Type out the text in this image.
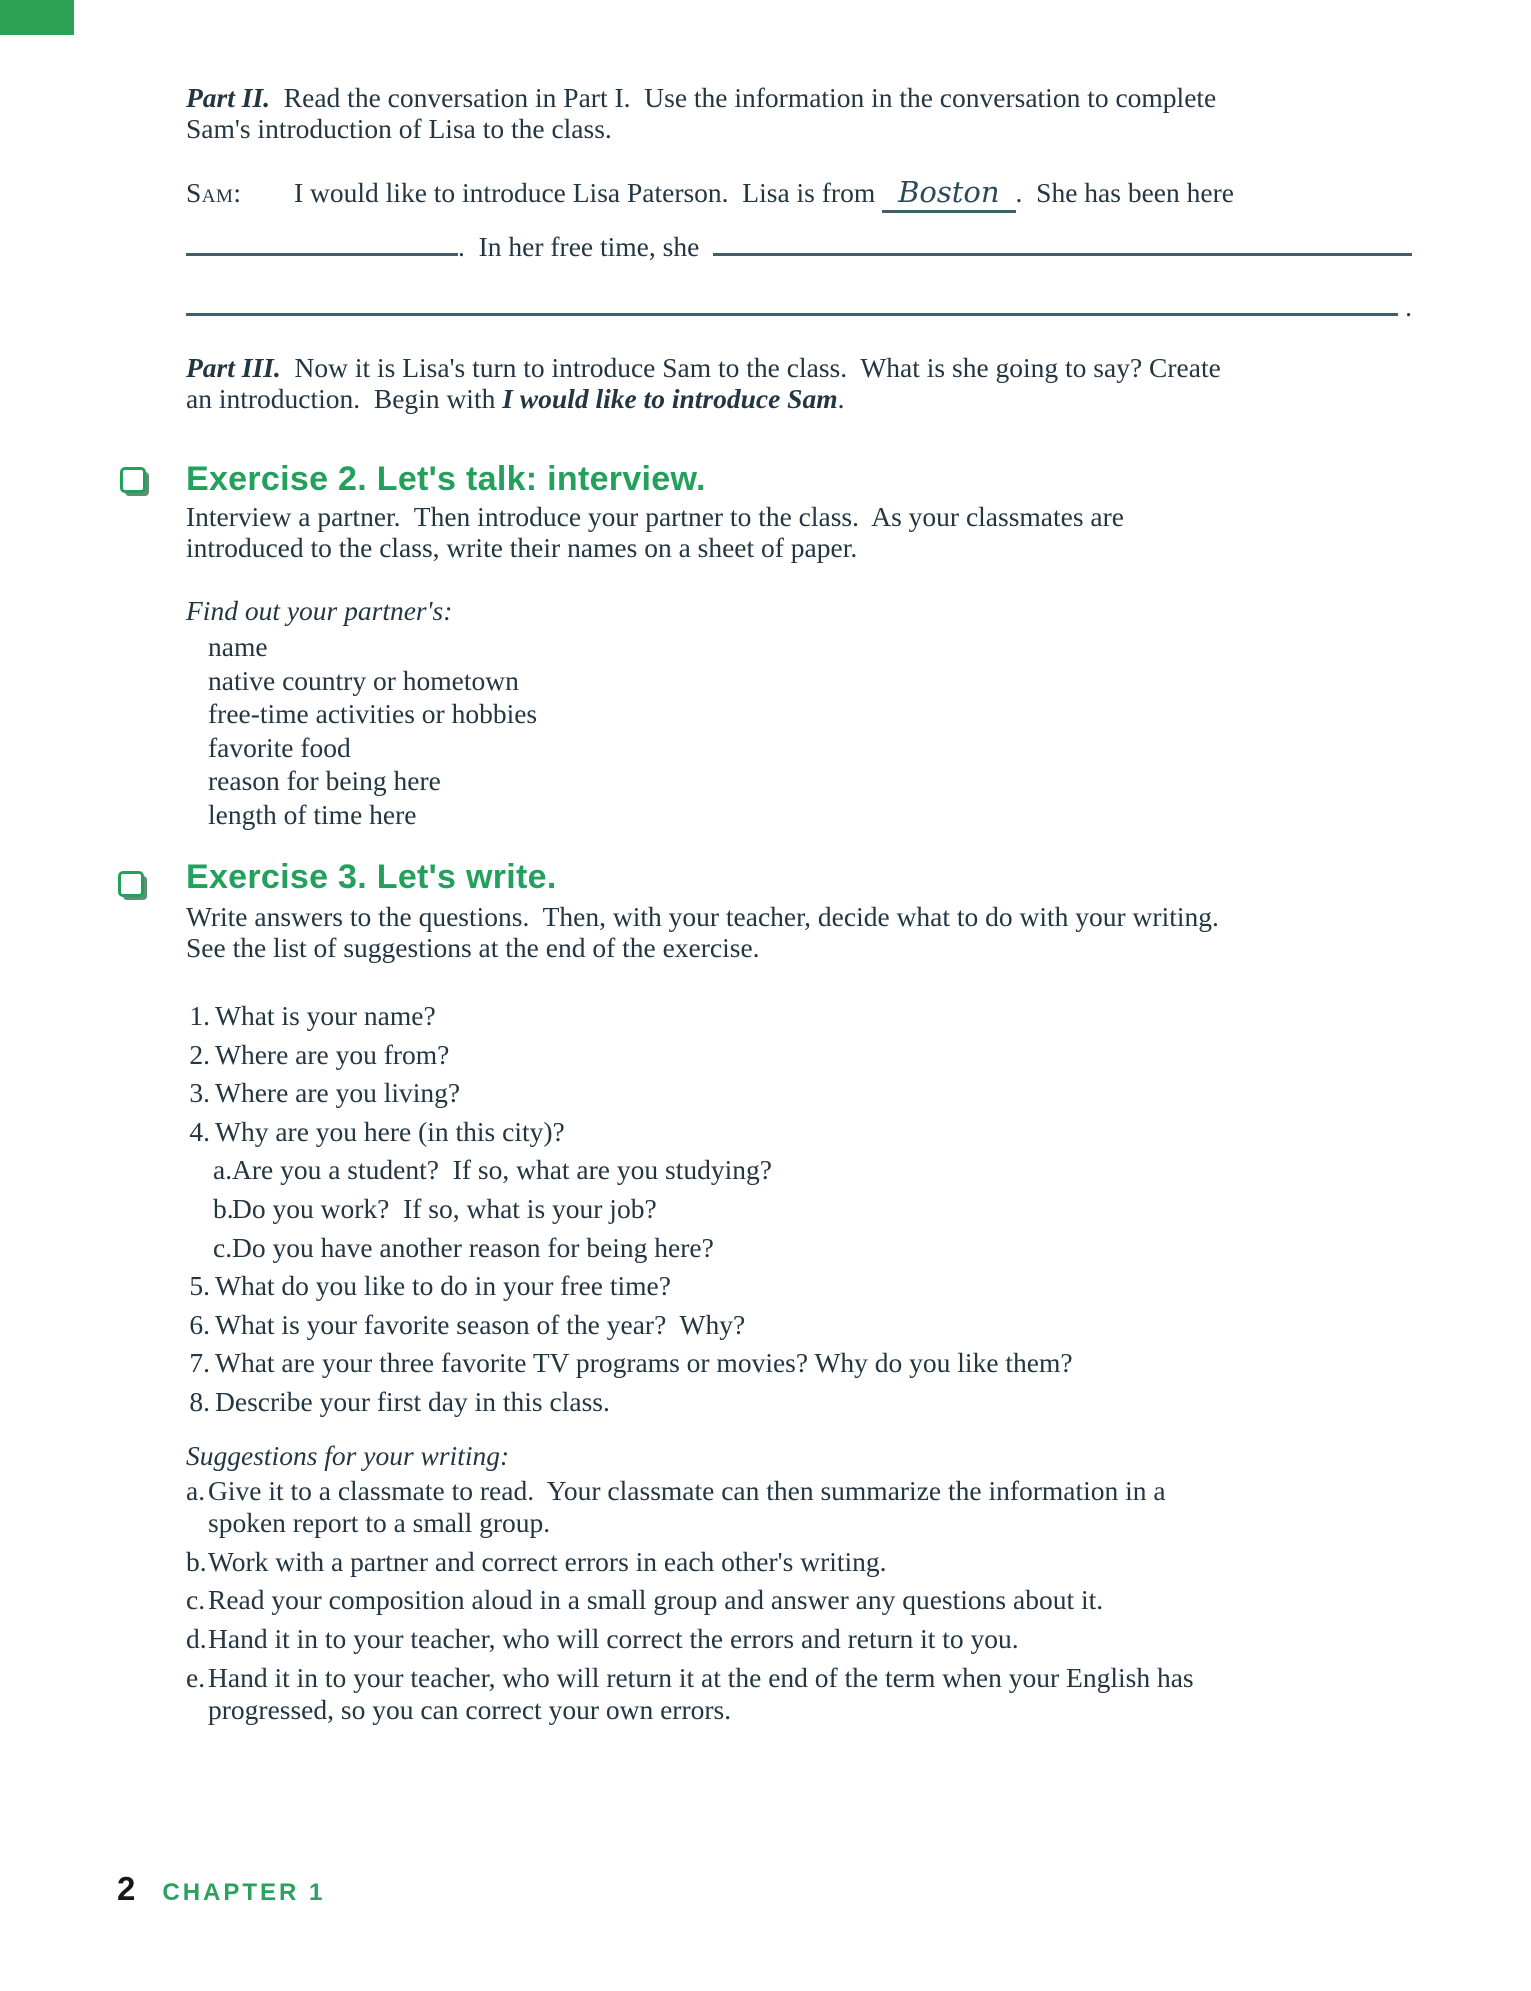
Part II.  Read the conversation in Part I.  Use the information in the conversation to complete
Sam's introduction of Lisa to the class.
Sam: I would like to introduce Lisa Paterson.  Lisa is from Boston .  She has been here
.  In her free time, she
.
Part III.  Now it is Lisa's turn to introduce Sam to the class.  What is she going to say? Create
an introduction.  Begin with I would like to introduce Sam.
Exercise 2. Let's talk: interview.
Interview a partner.  Then introduce your partner to the class.  As your classmates are
introduced to the class, write their names on a sheet of paper.
Find out your partner's:
name
native country or hometown
free-time activities or hobbies
favorite food
reason for being here
length of time here
Exercise 3. Let's write.
Write answers to the questions.  Then, with your teacher, decide what to do with your writing.
See the list of suggestions at the end of the exercise.
1. What is your name?
2. Where are you from?
3. Where are you living?
4. Why are you here (in this city)?
a. Are you a student?  If so, what are you studying?
b.
Do you work?  If so, what is your job?
c. Do you have another reason for being here?
5. What do you like to do in your free time?
6. What is your favorite season of the year?  Why?
7. What are your three favorite TV programs or movies? Why do you like them?
8. Describe your first day in this class.
Suggestions for your writing:
a. Give it to a classmate to read.  Your classmate can then summarize the information in a
spoken report to a small group.
b. Work with a partner and correct errors in each other's writing.
c. Read your composition aloud in a small group and answer any questions about it.
d. Hand it in to your teacher, who will correct the errors and return it to you.
e. Hand it in to your teacher, who will return it at the end of the term when your English has
progressed, so you can correct your own errors.
2 CHAPTER 1
